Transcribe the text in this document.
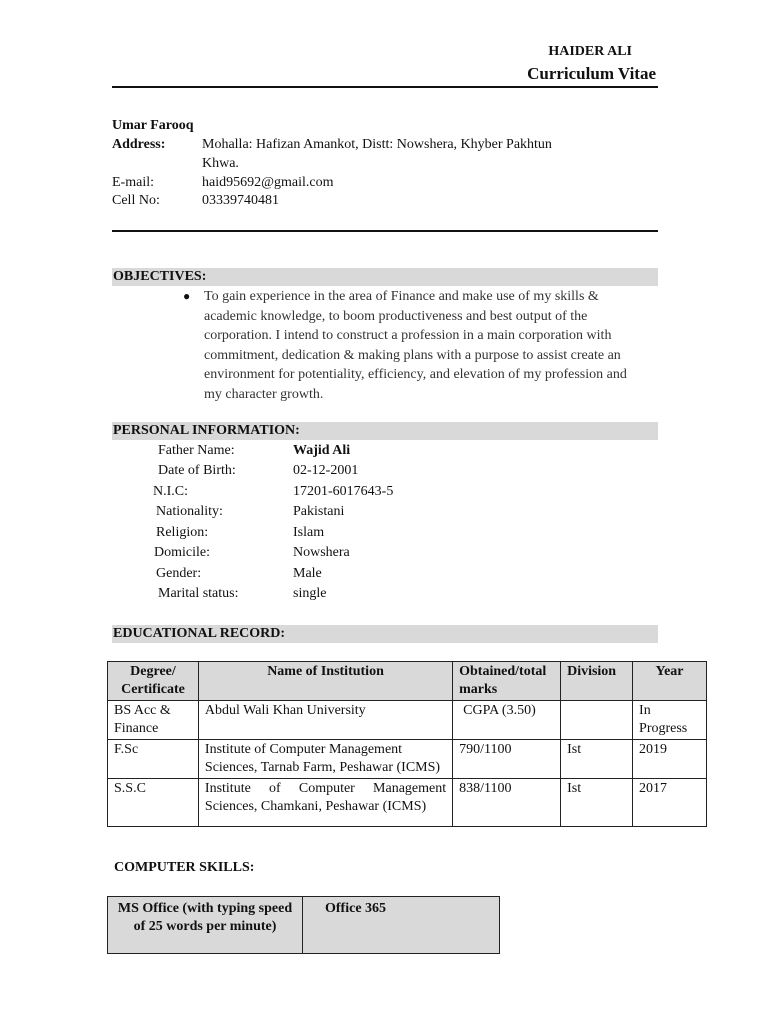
HAIDER ALI
Curriculum Vitae
Umar Farooq
Address:	Mohalla: Hafizan Amankot, Distt: Nowshera, Khyber Pakhtun
Khwa.
E-mail:	haid95692@gmail.com
Cell No:	03339740481
OBJECTIVES:
● To gain experience in the area of Finance and make use of my skills & academic knowledge, to boom productiveness and best output of the corporation. I intend to construct a profession in a main corporation with commitment, dedication & making plans with a purpose to assist create an environment for potentiality, efficiency, and elevation of my profession and my character growth.

PERSONAL INFORMATION:
Father Name:	Wajid Ali
Date of Birth:	02-12-2001
N.I.C:	17201-6017643-5
Nationality:	Pakistani
Religion:	Islam
Domicile:	Nowshera
Gender:	Male
Marital status:	single
EDUCATIONAL RECORD:
Degree/ Certificate	Name of Institution	Obtained/total marks	Division	Year
BS Acc & Finance	Abdul Wali Khan University	CGPA (3.50)		In Progress
F.Sc	Institute of Computer Management Sciences, Tarnab Farm, Peshawar (ICMS)	790/1100	Ist	2019
S.S.C	Institute of Computer Management Sciences, Chamkani, Peshawar (ICMS)	838/1100	Ist	2017
COMPUTER SKILLS:
MS Office (with typing speed of 25 words per minute)	Office 365
